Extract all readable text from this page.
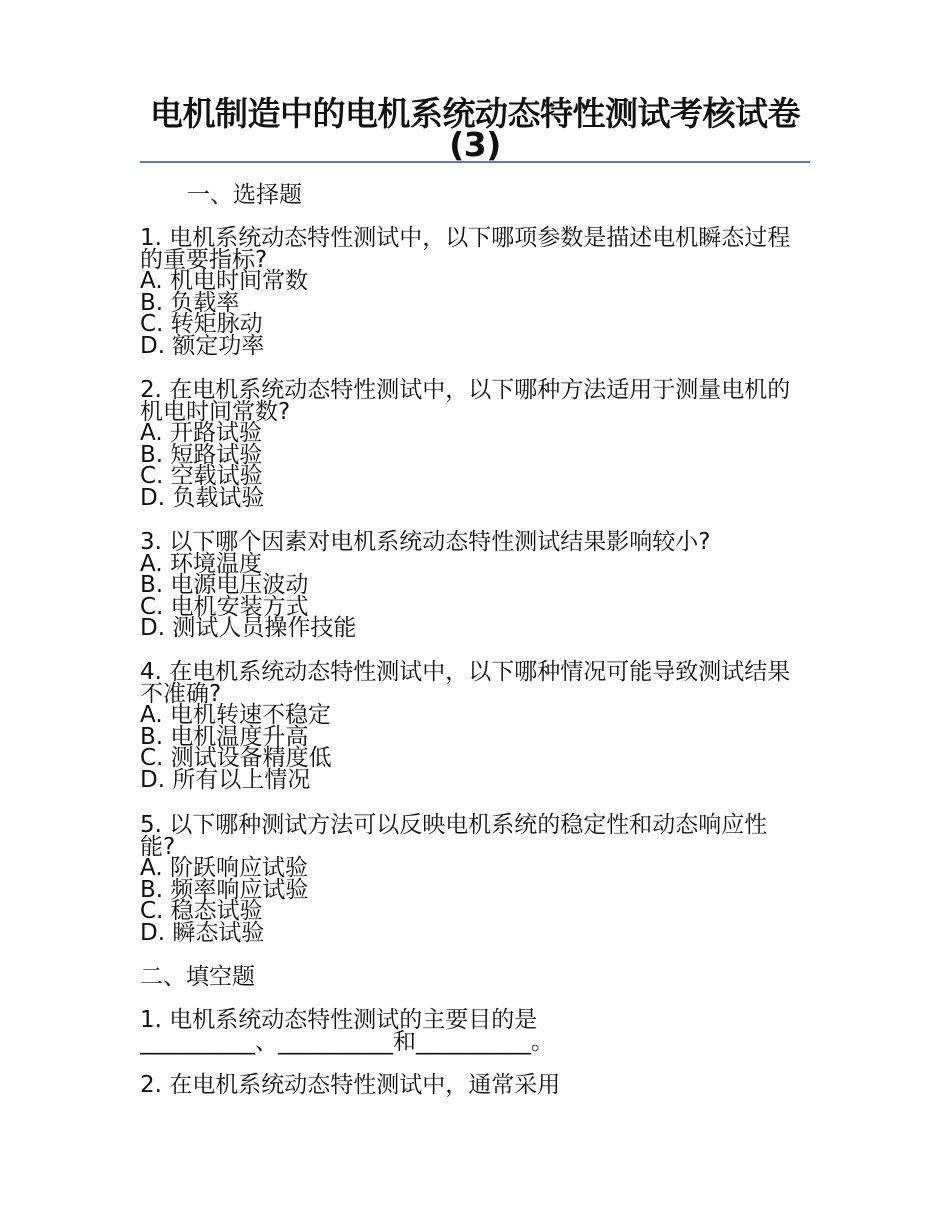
电机制造中的电机系统动态特性测试考核试卷(3)
一、选择题
1. 电机系统动态特性测试中，以下哪项参数是描述电机瞬态过程的重要指标?
A. 机电时间常数
B. 负载率
C. 转矩脉动
D. 额定功率
2. 在电机系统动态特性测试中，以下哪种方法适用于测量电机的机电时间常数?
A. 开路试验
B. 短路试验
C. 空载试验
D. 负载试验
3. 以下哪个因素对电机系统动态特性测试结果影响较小?
A. 环境温度
B. 电源电压波动
C. 电机安装方式
D. 测试人员操作技能
4. 在电机系统动态特性测试中，以下哪种情况可能导致测试结果不准确?
A. 电机转速不稳定
B. 电机温度升高
C. 测试设备精度低
D. 所有以上情况
5. 以下哪种测试方法可以反映电机系统的稳定性和动态响应性能?
A. 阶跃响应试验
B. 频率响应试验
C. 稳态试验
D. 瞬态试验
二、填空题
1. 电机系统动态特性测试的主要目的是
__________、__________和__________。
2. 在电机系统动态特性测试中，通常采用
